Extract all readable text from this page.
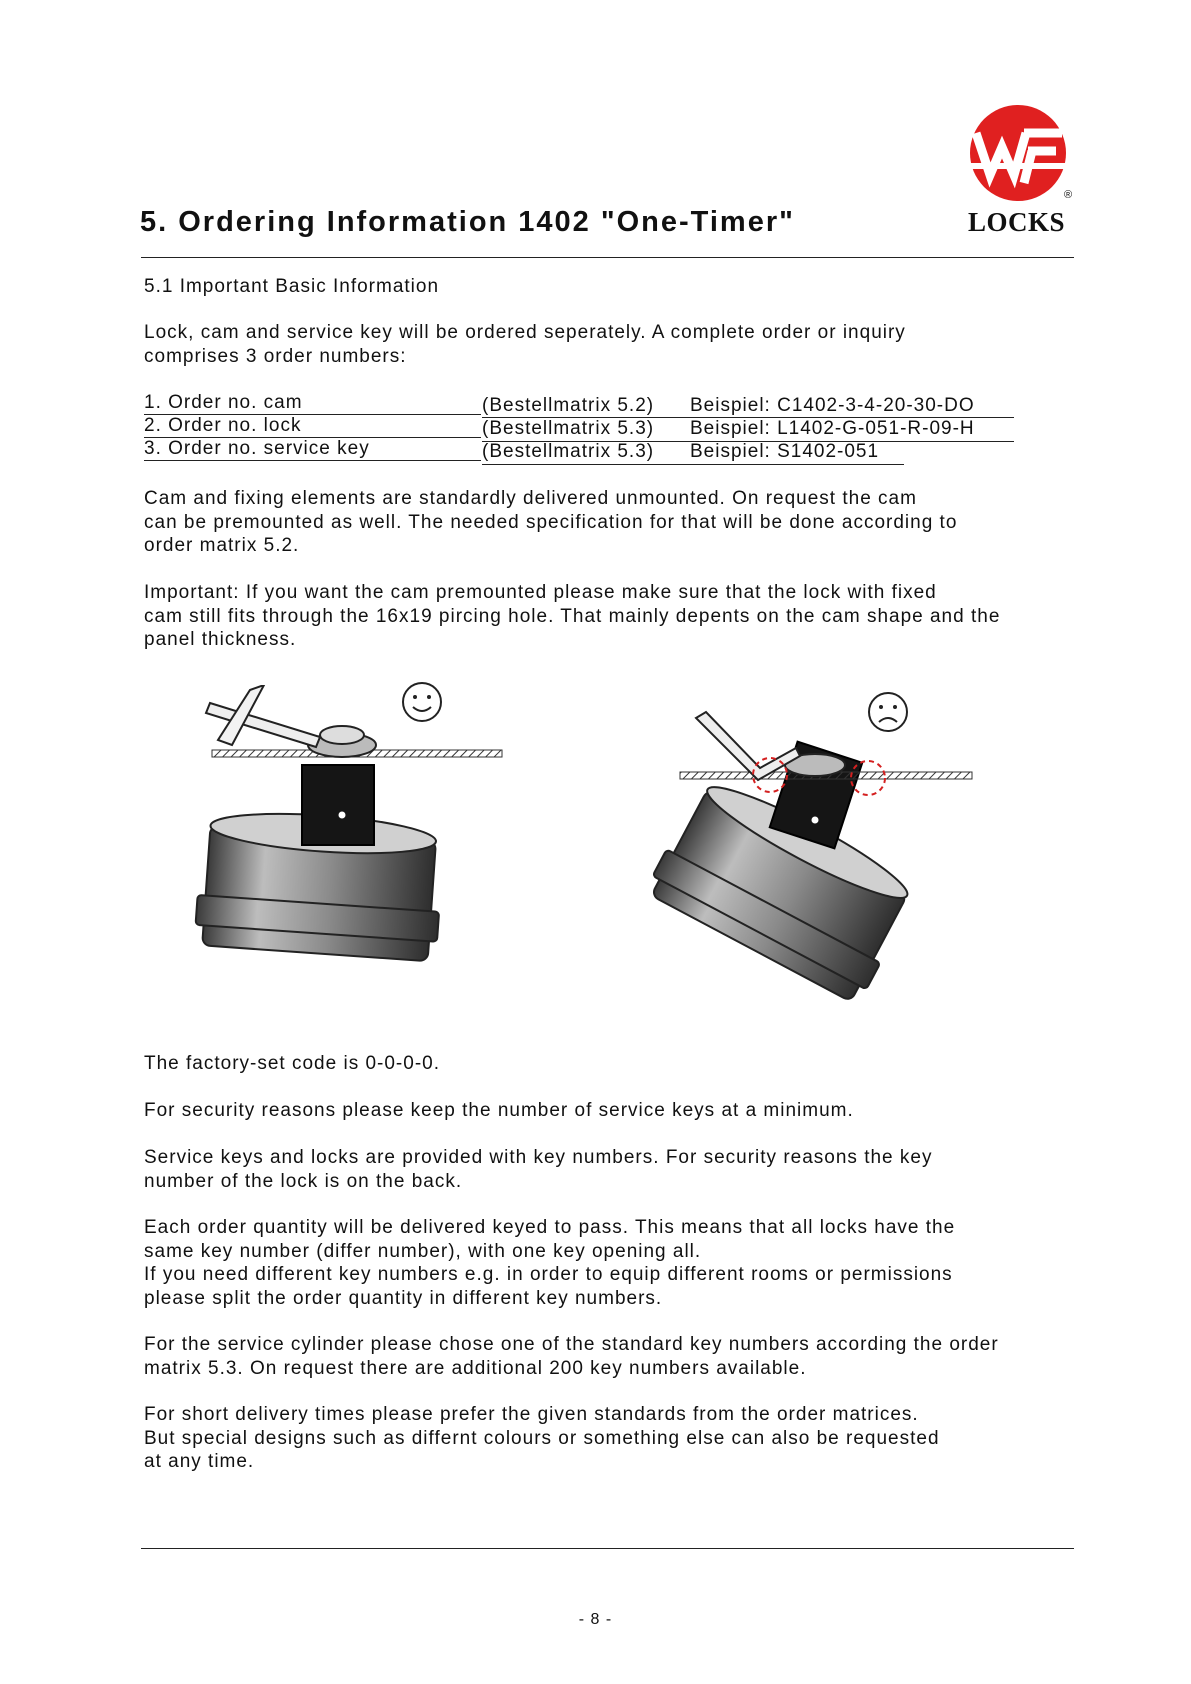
®
LOCKS
5. Ordering Information 1402 "One-Timer"
5.1 Important Basic Information
Lock, cam and service key will be ordered seperately. A complete order or inquiry
comprises 3 order numbers:
1. Order no. cam	(Bestellmatrix 5.2) Beispiel: C1402-3-4-20-30-DO
2. Order no. lock	(Bestellmatrix 5.3) Beispiel: L1402-G-051-R-09-H
3. Order no. service key	(Bestellmatrix 5.3) Beispiel: S1402-051
Cam and fixing elements are standardly delivered unmounted. On request the cam
can be premounted as well. The needed specification for that will be done according to
order matrix 5.2.
Important: If you want the cam premounted please make sure that the lock with fixed
cam still fits through the 16x19 pircing hole. That mainly depents on the cam shape and the
panel thickness.
The factory-set code is 0-0-0-0.
For security reasons please keep the number of service keys at a minimum.
Service keys and locks are provided with key numbers. For security reasons the key
number of the lock is on the back.
Each order quantity will be delivered keyed to pass. This means that all locks have the
same key number (differ number), with one key opening all.
If you need different key numbers e.g. in order to equip different rooms or permissions
please split the order quantity in different key numbers.
For the service cylinder please chose one of the standard key numbers according the order
matrix 5.3. On request there are additional 200 key numbers available.
For short delivery times please prefer the given standards from the order matrices.
But special designs such as differnt colours or something else can also be requested
at any time.
- 8 -
